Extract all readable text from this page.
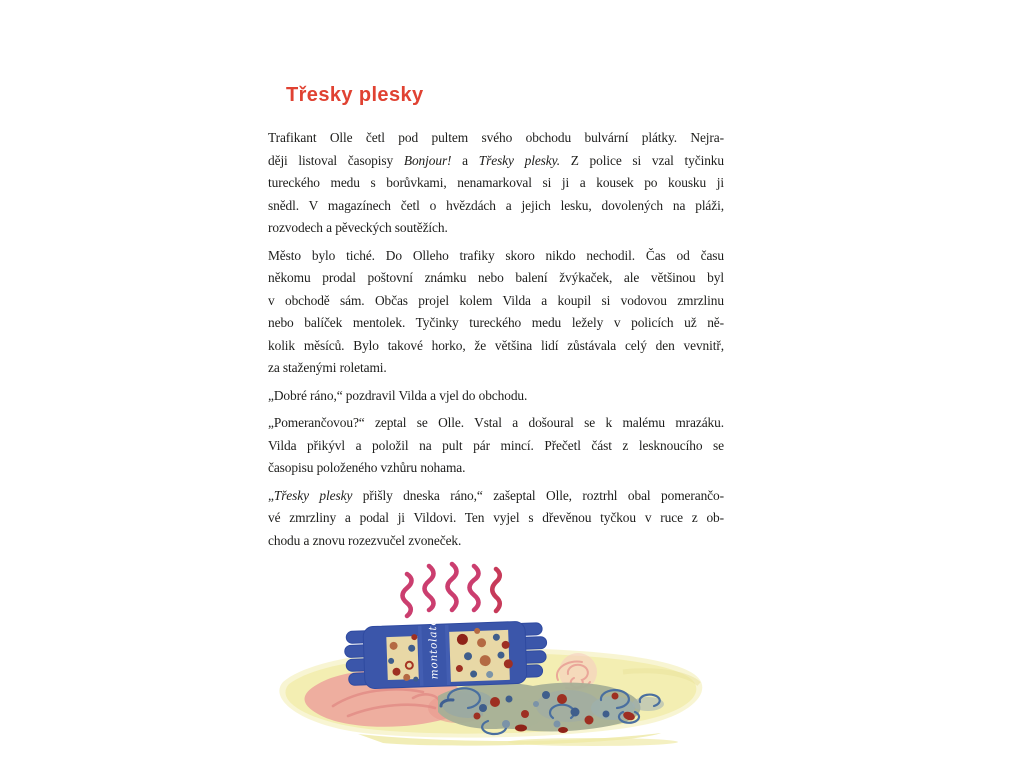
Třesky plesky
Trafikant Olle četl pod pultem svého obchodu bulvární plátky. Nejra-
ději listoval časopisy Bonjour! a Třesky plesky. Z police si vzal tyčinku
tureckého medu s borůvkami, nenamarkoval si ji a kousek po kousku ji
snědl. V magazínech četl o hvězdách a jejich lesku, dovolených na pláži,
rozvodech a pěveckých soutěžích.
Město bylo tiché. Do Olleho trafiky skoro nikdo nechodil. Čas od času
někomu prodal poštovní známku nebo balení žvýkaček, ale většinou byl
v obchodě sám. Občas projel kolem Vilda a koupil si vodovou zmrzlinu
nebo balíček mentolek. Tyčinky tureckého medu ležely v policích už ně-
kolik měsíců. Bylo takové horko, že většina lidí zůstávala celý den vevnitř,
za staženými roletami.
„Dobré ráno,“ pozdravil Vilda a vjel do obchodu.
„Pomerančovou?“ zeptal se Olle. Vstal a došoural se k malému mrazáku.
Vilda přikývl a položil na pult pár mincí. Přečetl část z lesknoucího se
časopisu položeného vzhůru nohama.
„Třesky plesky přišly dneska ráno,“ zašeptal Olle, roztrhl obal pomerančo-
vé zmrzliny a podal ji Vildovi. Ten vyjel s dřevěnou tyčkou v ruce z ob-
chodu a znovu rozezvučel zvoneček.
montolato
